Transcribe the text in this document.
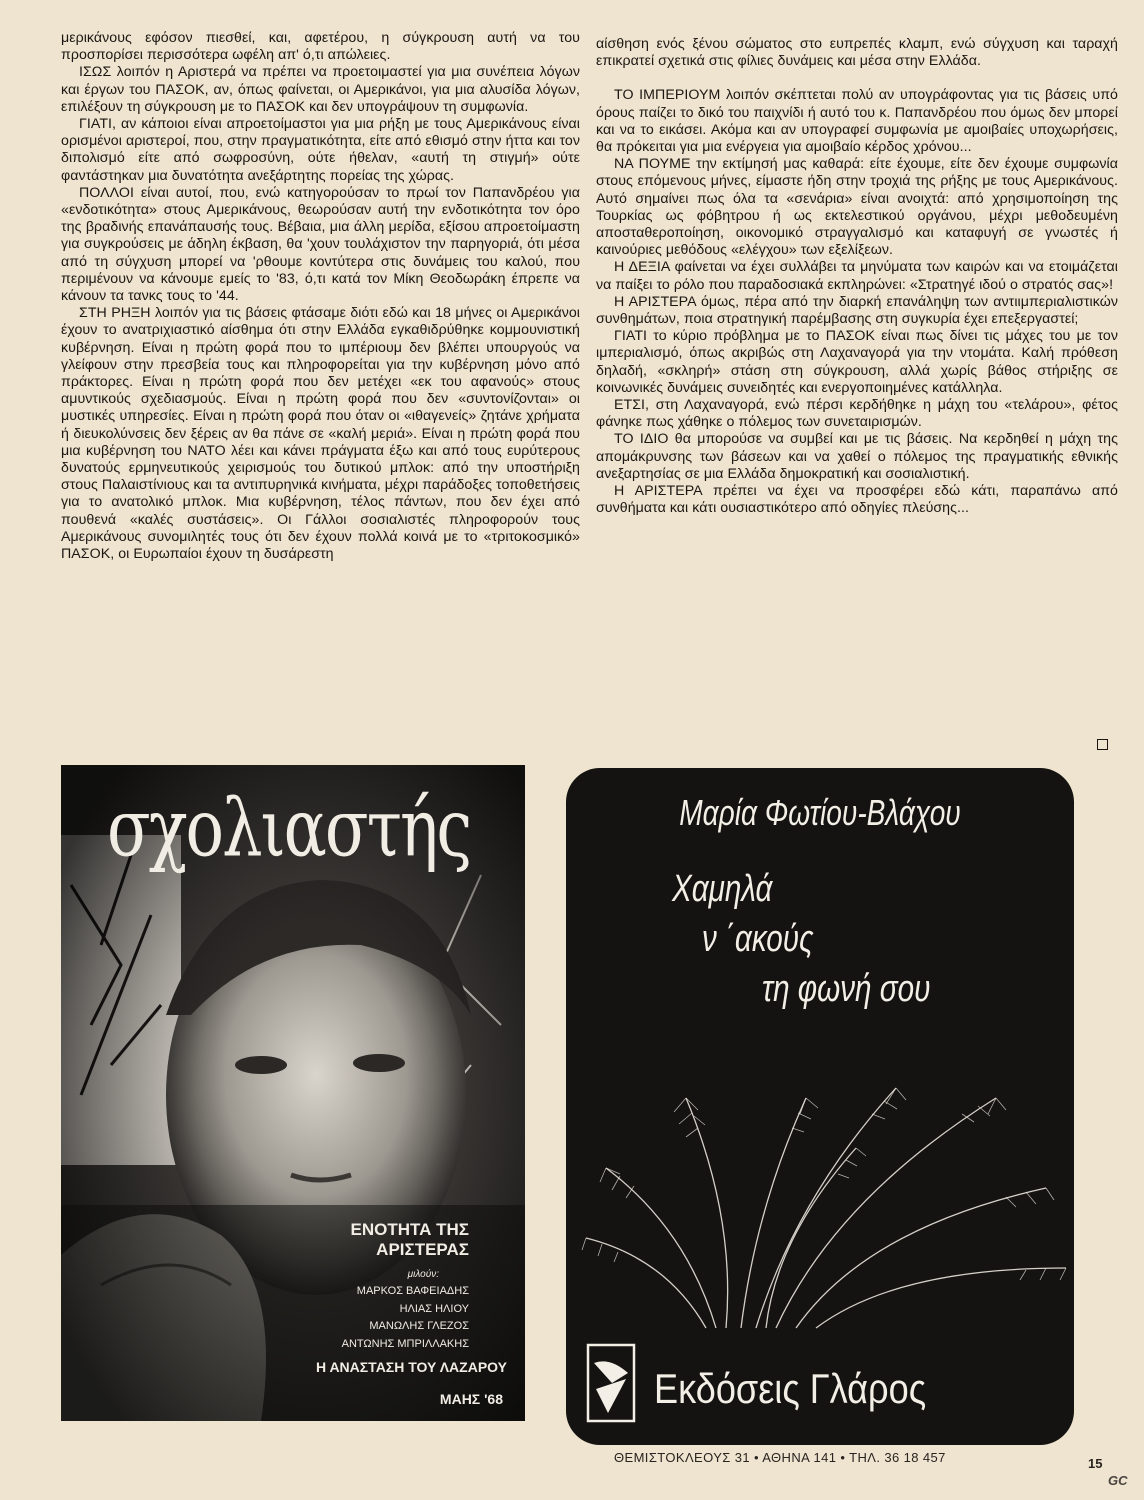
μερικάνους εφόσον πιεσθεί, και, αφετέρου, η σύγκρουση αυτή να του προσπορίσει περισσότερα ωφέλη απ' ό,τι απώλειες.

ΙΣΩΣ λοιπόν η Αριστερά να πρέπει να προετοιμαστεί για μια συνέπεια λόγων και έργων του ΠΑΣΟΚ, αν, όπως φαίνεται, οι Αμερικάνοι, για μια αλυσίδα λόγων, επιλέξουν τη σύγκρουση με το ΠΑΣΟΚ και δεν υπογράψουν τη συμφωνία.

ΓΙΑΤΙ, αν κάποιοι είναι απροετοίμαστοι για μια ρήξη με τους Αμερικάνους είναι ορισμένοι αριστεροί, που, στην πραγματικότητα, είτε από εθισμό στην ήττα και τον διπολισμό είτε από σωφροσύνη, ούτε ήθελαν, «αυτή τη στιγμή» ούτε φαντάστηκαν μια δυνατότητα ανεξάρτητης πορείας της χώρας.

ΠΟΛΛΟΙ είναι αυτοί, που, ενώ κατηγορούσαν το πρωί τον Παπανδρέου για «ενδοτικότητα» στους Αμερικάνους, θεωρούσαν αυτή την ενδοτικότητα τον όρο της βραδινής επανάπαυσής τους. Βέβαια, μια άλλη μερίδα, εξίσου απροετοίμαστη για συγκρούσεις με άδηλη έκβαση, θα 'χουν τουλάχιστον την παρηγοριά, ότι μέσα από τη σύγχυση μπορεί να 'ρθουμε κοντύτερα στις δυνάμεις του καλού, που περιμένουν να κάνουμε εμείς το '83, ό,τι κατά τον Μίκη Θεοδωράκη έπρεπε να κάνουν τα τανκς τους το '44.

ΣΤΗ ΡΗΞΗ λοιπόν για τις βάσεις φτάσαμε διότι εδώ και 18 μήνες οι Αμερικάνοι έχουν το ανατριχιαστικό αίσθημα ότι στην Ελλάδα εγκαθιδρύθηκε κομμουνιστική κυβέρνηση. Είναι η πρώτη φορά που το ιμπέριουμ δεν βλέπει υπουργούς να γλείφουν στην πρεσβεία τους και πληροφορείται για την κυβέρνηση μόνο από πράκτορες. Είναι η πρώτη φορά που δεν μετέχει «εκ του αφανούς» στους αμυντικούς σχεδιασμούς. Είναι η πρώτη φορά που δεν «συντονίζονται» οι μυστικές υπηρεσίες. Είναι η πρώτη φορά που όταν οι «ιθαγενείς» ζητάνε χρήματα ή διευκολύνσεις δεν ξέρεις αν θα πάνε σε «καλή μεριά». Είναι η πρώτη φορά που μια κυβέρνηση του ΝΑΤΟ λέει και κάνει πράγματα έξω και από τους ευρύτερους δυνατούς ερμηνευτικούς χειρισμούς του δυτικού μπλοκ: από την υποστήριξη στους Παλαιστίνιους και τα αντιπυρηνικά κινήματα, μέχρι παράδοξες τοποθετήσεις για το ανατολικό μπλοκ. Μια κυβέρνηση, τέλος πάντων, που δεν έχει από πουθενά «καλές συστάσεις». Οι Γάλλοι σοσιαλιστές πληροφορούν τους Αμερικάνους συνομιλητές τους ότι δεν έχουν πολλά κοινά με το «τριτοκοσμικό» ΠΑΣΟΚ, οι Ευρωπαίοι έχουν τη δυσάρεστη

αίσθηση ενός ξένου σώματος στο ευπρεπές κλαμπ, ενώ σύγχυση και ταραχή επικρατεί σχετικά στις φίλιες δυνάμεις και μέσα στην Ελλάδα.

ΤΟ ΙΜΠΕΡΙΟΥΜ λοιπόν σκέπτεται πολύ αν υπογράφοντας για τις βάσεις υπό όρους παίζει το δικό του παιχνίδι ή αυτό του κ. Παπανδρέου που όμως δεν μπορεί και να το εικάσει. Ακόμα και αν υπογραφεί συμφωνία με αμοιβαίες υποχωρήσεις, θα πρόκειται για μια ενέργεια για αμοιβαίο κέρδος χρόνου...

ΝΑ ΠΟΥΜΕ την εκτίμησή μας καθαρά: είτε έχουμε, είτε δεν έχουμε συμφωνία στους επόμενους μήνες, είμαστε ήδη στην τροχιά της ρήξης με τους Αμερικάνους. Αυτό σημαίνει πως όλα τα «σενάρια» είναι ανοιχτά: από χρησιμοποίηση της Τουρκίας ως φόβητρου ή ως εκτελεστικού οργάνου, μέχρι μεθοδευμένη αποσταθεροποίηση, οικονομικό στραγγαλισμό και καταφυγή σε γνωστές ή καινούριες μεθόδους «ελέγχου» των εξελίξεων.

Η ΔΕΞΙΑ φαίνεται να έχει συλλάβει τα μηνύματα των καιρών και να ετοιμάζεται να παίξει το ρόλο που παραδοσιακά εκπληρώνει: «Στρατηγέ ιδού ο στρατός σας»!

Η ΑΡΙΣΤΕΡΑ όμως, πέρα από την διαρκή επανάληψη των αντιιμπεριαλιστικών συνθημάτων, ποια στρατηγική παρέμβασης στη συγκυρία έχει επεξεργαστεί;

ΓΙΑΤΙ το κύριο πρόβλημα με το ΠΑΣΟΚ είναι πως δίνει τις μάχες του με τον ιμπεριαλισμό, όπως ακριβώς στη Λαχαναγορά για την ντομάτα. Καλή πρόθεση δηλαδή, «σκληρή» στάση στη σύγκρουση, αλλά χωρίς βάθος στήριξης σε κοινωνικές δυνάμεις συνειδητές και ενεργοποιημένες κατάλληλα.

ΕΤΣΙ, στη Λαχαναγορά, ενώ πέρσι κερδήθηκε η μάχη του «τελάρου», φέτος φάνηκε πως χάθηκε ο πόλεμος των συνεταιρισμών.

ΤΟ ΙΔΙΟ θα μπορούσε να συμβεί και με τις βάσεις. Να κερδηθεί η μάχη της απομάκρυνσης των βάσεων και να χαθεί ο πόλεμος της πραγματικής εθνικής ανεξαρτησίας σε μια Ελλάδα δημοκρατική και σοσιαλιστική.

Η ΑΡΙΣΤΕΡΑ πρέπει να έχει να προσφέρει εδώ κάτι, παραπάνω από συνθήματα και κάτι ουσιαστικότερο από οδηγίες πλεύσης...

σχολιαστής
ΕΝΟΤΗΤΑ ΤΗΣ ΑΡΙΣΤΕΡΑΣ
μιλούν:
ΜΑΡΚΟΣ ΒΑΦΕΙΑΔΗΣ
ΗΛΙΑΣ ΗΛΙΟΥ
ΜΑΝΩΛΗΣ ΓΛΕΖΟΣ
ΑΝΤΩΝΗΣ ΜΠΡΙΛΛΑΚΗΣ
Η ΑΝΑΣΤΑΣΗ ΤΟΥ ΛΑΖΑΡΟΥ
ΜΑΗΣ '68
Μαρία Φωτίου-Βλάχου
Χαμηλά
ν ΄ακούς
τη φωνή σου
Εκδόσεις Γλάρος
ΘΕΜΙΣΤΟΚΛΕΟΥΣ 31 • ΑΘΗΝΑ 141 • ΤΗΛ. 36 18 457	15
GC
